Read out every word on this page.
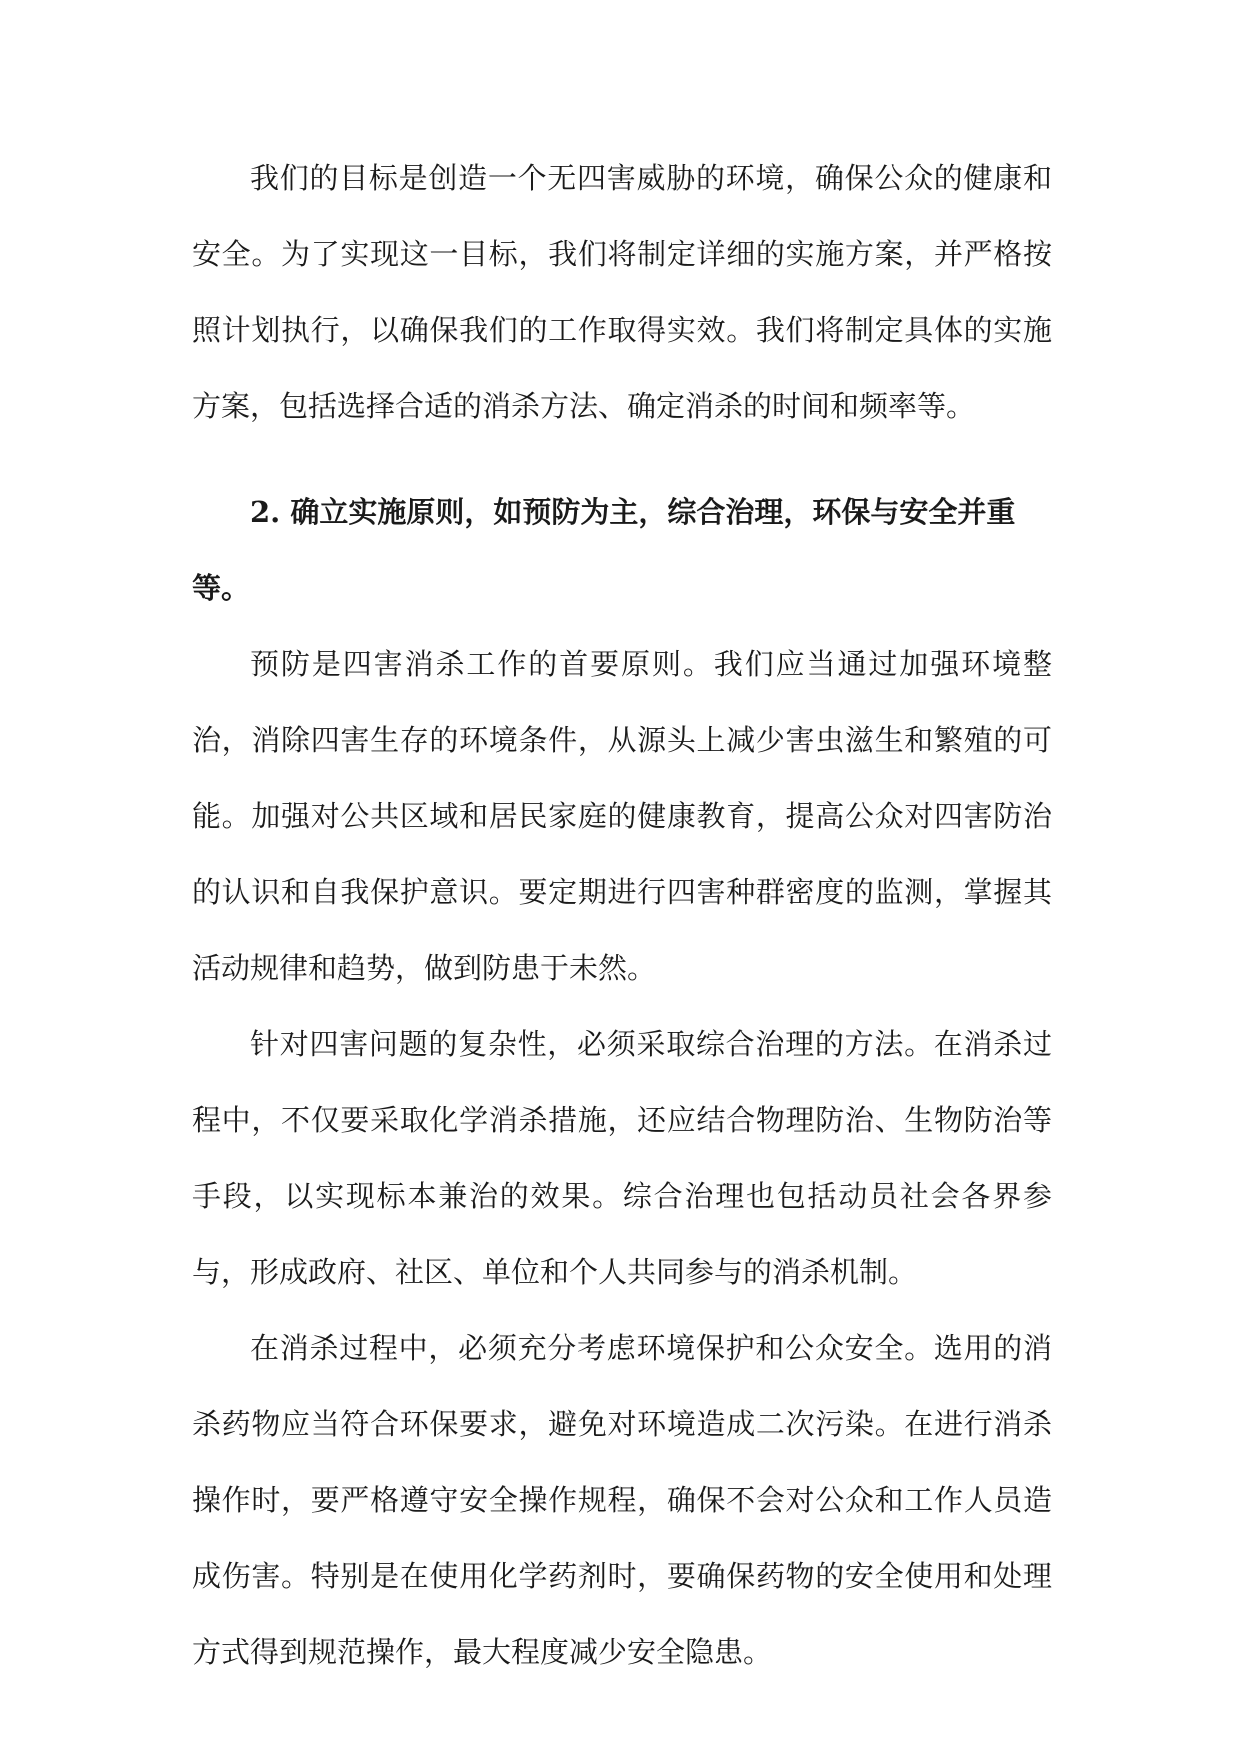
我们的目标是创造一个无四害威胁的环境，确保公众的健康和安全。为了实现这一目标，我们将制定详细的实施方案，并严格按照计划执行，以确保我们的工作取得实效。我们将制定具体的实施方案，包括选择合适的消杀方法、确定消杀的时间和频率等。

2. 确立实施原则，如预防为主，综合治理，环保与安全并重等。

预防是四害消杀工作的首要原则。我们应当通过加强环境整治，消除四害生存的环境条件，从源头上减少害虫滋生和繁殖的可能。加强对公共区域和居民家庭的健康教育，提高公众对四害防治的认识和自我保护意识。要定期进行四害种群密度的监测，掌握其活动规律和趋势，做到防患于未然。

针对四害问题的复杂性，必须采取综合治理的方法。在消杀过程中，不仅要采取化学消杀措施，还应结合物理防治、生物防治等手段，以实现标本兼治的效果。综合治理也包括动员社会各界参与，形成政府、社区、单位和个人共同参与的消杀机制。

在消杀过程中，必须充分考虑环境保护和公众安全。选用的消杀药物应当符合环保要求，避免对环境造成二次污染。在进行消杀操作时，要严格遵守安全操作规程，确保不会对公众和工作人员造成伤害。特别是在使用化学药剂时，要确保药物的安全使用和处理方式得到规范操作，最大程度减少安全隐患。
